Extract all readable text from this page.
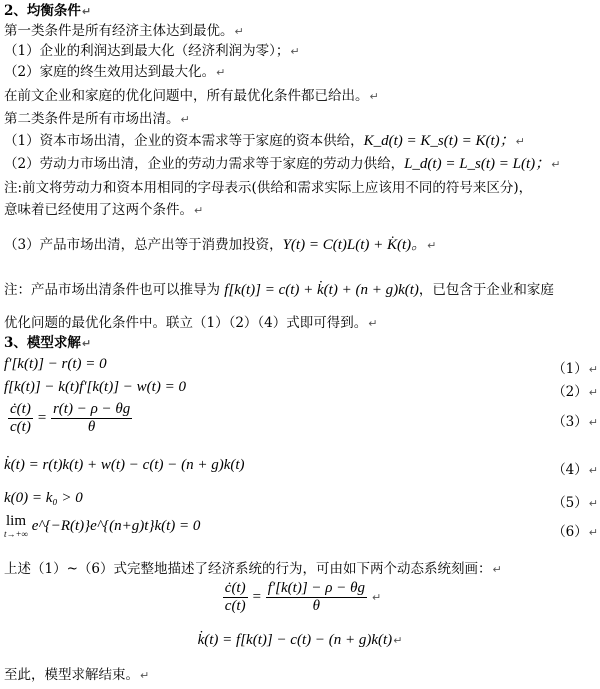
2、均衡条件↵
第一类条件是所有经济主体达到最优。↵
（1）企业的利润达到最大化（经济利润为零）；↵
（2）家庭的终生效用达到最大化。↵
在前文企业和家庭的优化问题中，所有最优化条件都已给出。↵
第二类条件是所有市场出清。↵
（1）资本市场出清，企业的资本需求等于家庭的资本供给，K_d(t) = K_s(t) = K(t)；↵
（2）劳动力市场出清，企业的劳动力需求等于家庭的劳动力供给，L_d(t) = L_s(t) = L(t)；↵
注:前文将劳动力和资本用相同的字母表示(供给和需求实际上应该用不同的符号来区分)，
意味着已经使用了这两个条件。↵
（3）产品市场出清，总产出等于消费加投资，Y(t) = C(t)L(t) + K̇(t)。↵
注：产品市场出清条件也可以推导为 f[k(t)] = c(t) + k̇(t) + (n + g)k(t)，已包含于企业和家庭
优化问题的最优化条件中。联立（1）（2）（4）式即可得到。↵
3、模型求解↵
f′[k(t)] − r(t) = 0	（1）↵
f[k(t)] − k(t)f′[k(t)] − w(t) = 0	（2）↵
$\frac{ċ(t)}{c(t)} = \frac{r(t) - \rho - \theta g}{\theta}$	（3）↵
k̇(t) = r(t)k(t) + w(t) − c(t) − (n + g)k(t)	（4）↵
k(0) = k₀ > 0	（5）↵
lim
t→+∞
e^{−R(t)}e^{(n+g)t}k(t) = 0	（6）↵
上述（1）~（6）式完整地描述了经济系统的行为，可由如下两个动态系统刻画：↵
$\frac{ċ(t)}{c(t)} = \frac{f'[k(t)] - \rho - \theta g}{\theta}$ ↵
k̇(t) = f[k(t)] − c(t) − (n + g)k(t)↵
至此，模型求解结束。↵
